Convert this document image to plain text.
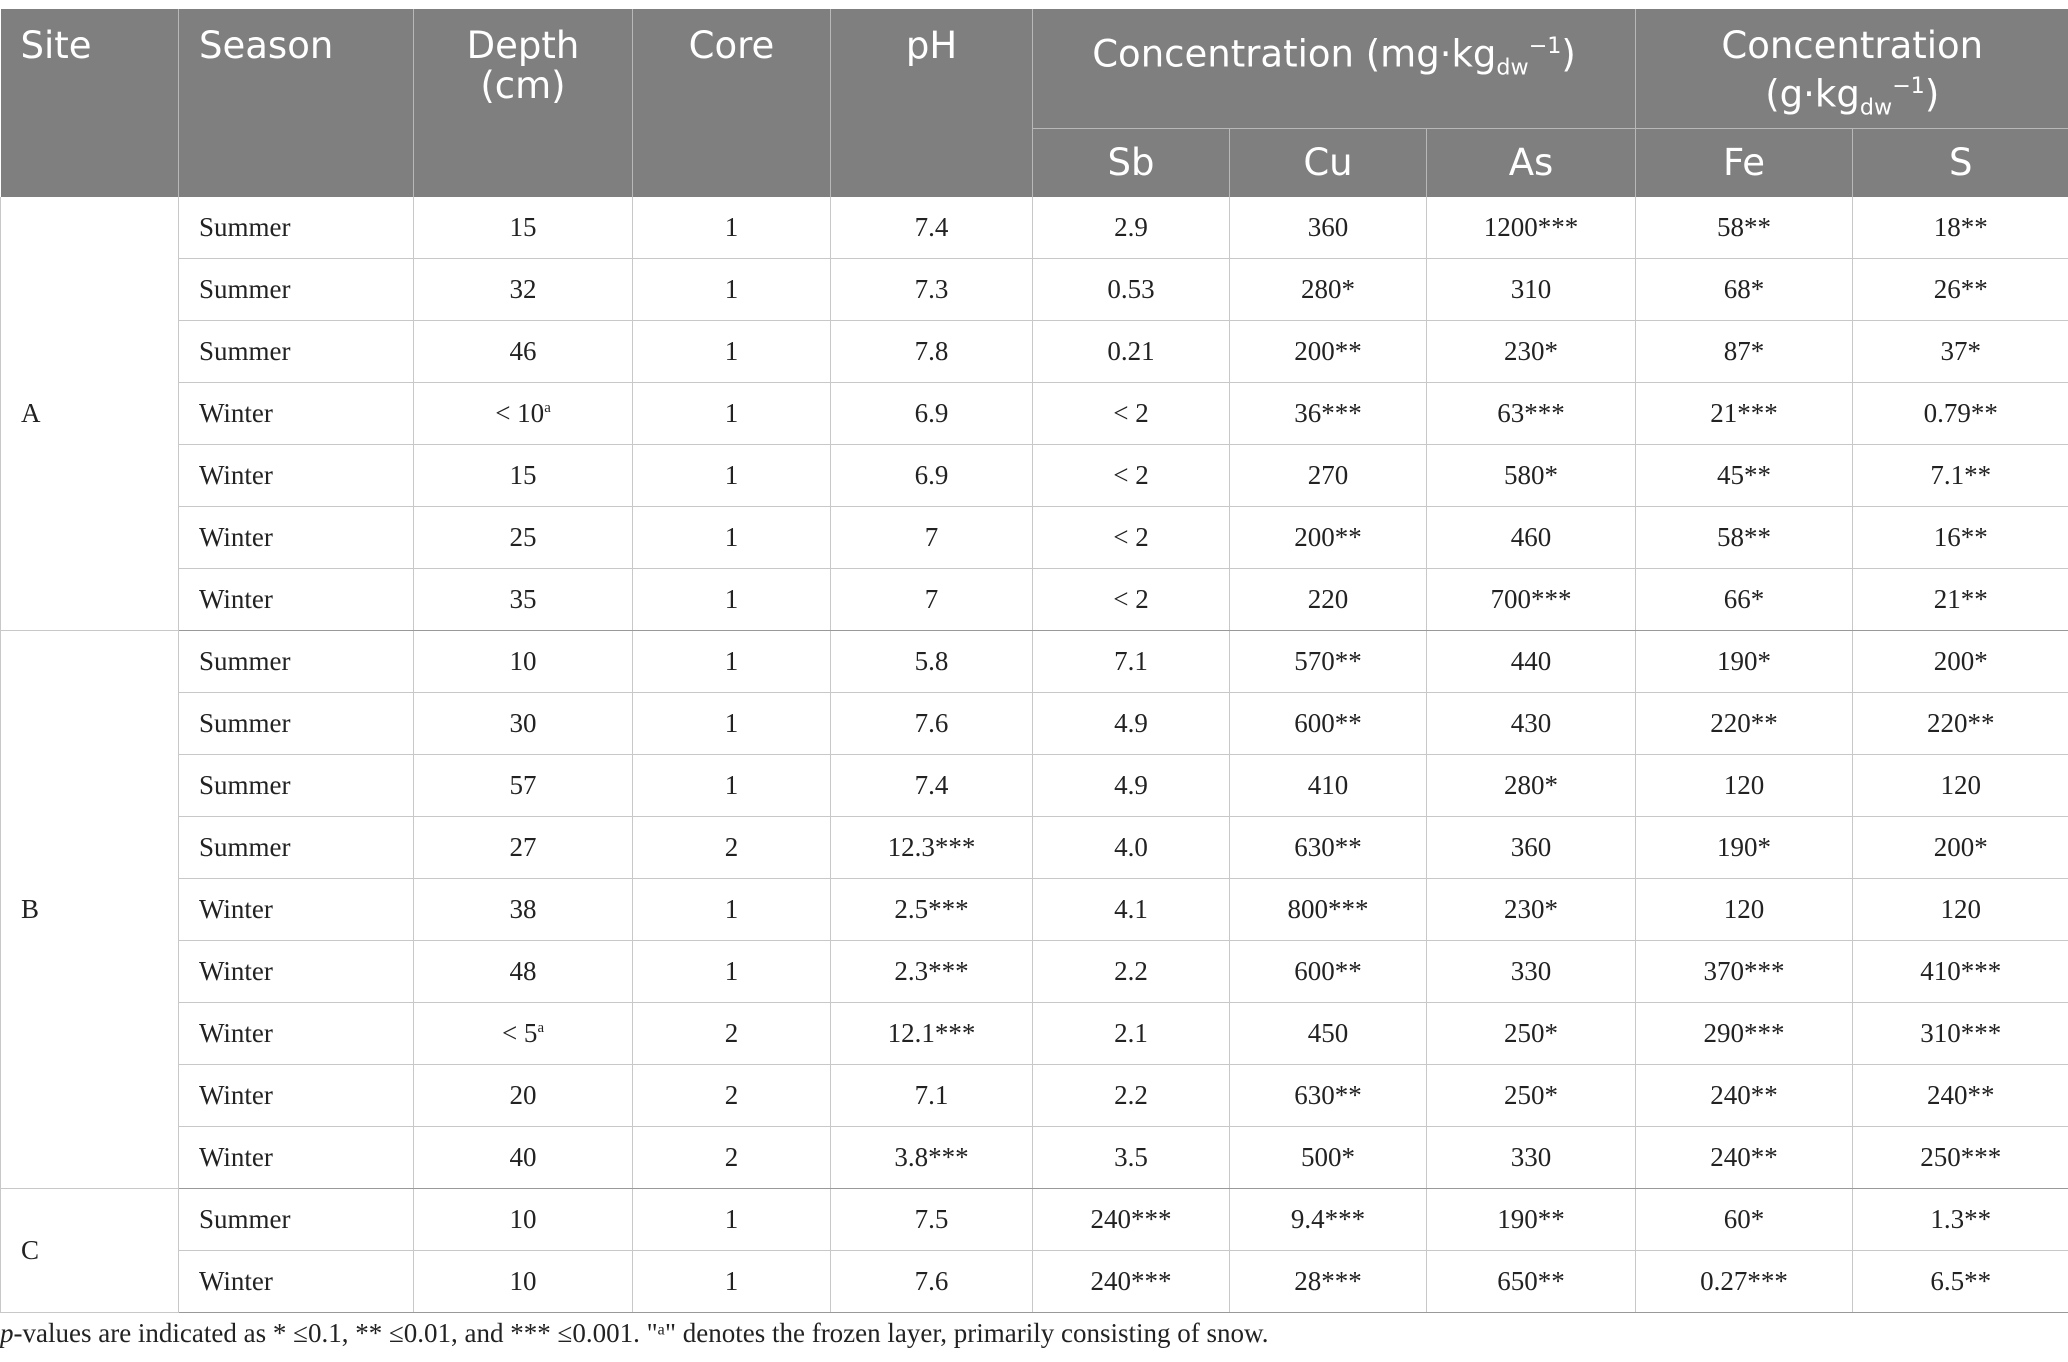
Site	Season	Depth (cm)	Core	pH	Concentration $(mg\cdot kg_{dw}^{-1})$			Concentration
$(g\cdot kg_{dw}^{-1})$	
					Sb	Cu	As	Fe	S
A	Summer	15	1	7.4	2.9	360	1200***	58**	18**
	Summer	32	1	7.3	0.53	280*	310	68*	26**
	Summer	46	1	7.8	0.21	200**	230*	87*	37*
	Winter	< $10^a$	1	6.9	< 2	36***	63***	21***	0.79**
	Winter	15	1	6.9	< 2	270	580*	45**	7.1**
	Winter	25	1	7	< 2	200**	460	58**	16**
	Winter	35	1	7	< 2	220	700***	66*	21**
B	Summer	10	1	5.8	7.1	570**	440	190*	200*
	Summer	30	1	7.6	4.9	600**	430	220**	220**
	Summer	57	1	7.4	4.9	410	280*	120	120
	Summer	27	2	12.3***	4.0	630**	360	190*	200*
	Winter	38	1	2.5***	4.1	800***	230*	120	120
	Winter	48	1	2.3***	2.2	600**	330	370***	410***
	Winter	< $5^a$	2	12.1***	2.1	450	250*	290***	310***
	Winter	20	2	7.1	2.2	630**	250*	240**	240**
	Winter	40	2	3.8***	3.5	500*	330	240**	250***
C	Summer	10	1	7.5	240***	9.4***	190**	60*	1.3**
	Winter	10	1	7.6	240***	28***	650**	0.27***	6.5**
p-values are indicated as * ≤0.1, ** ≤0.01, and *** ≤0.001. "ᵃ" denotes the frozen layer, primarily consisting of snow.
